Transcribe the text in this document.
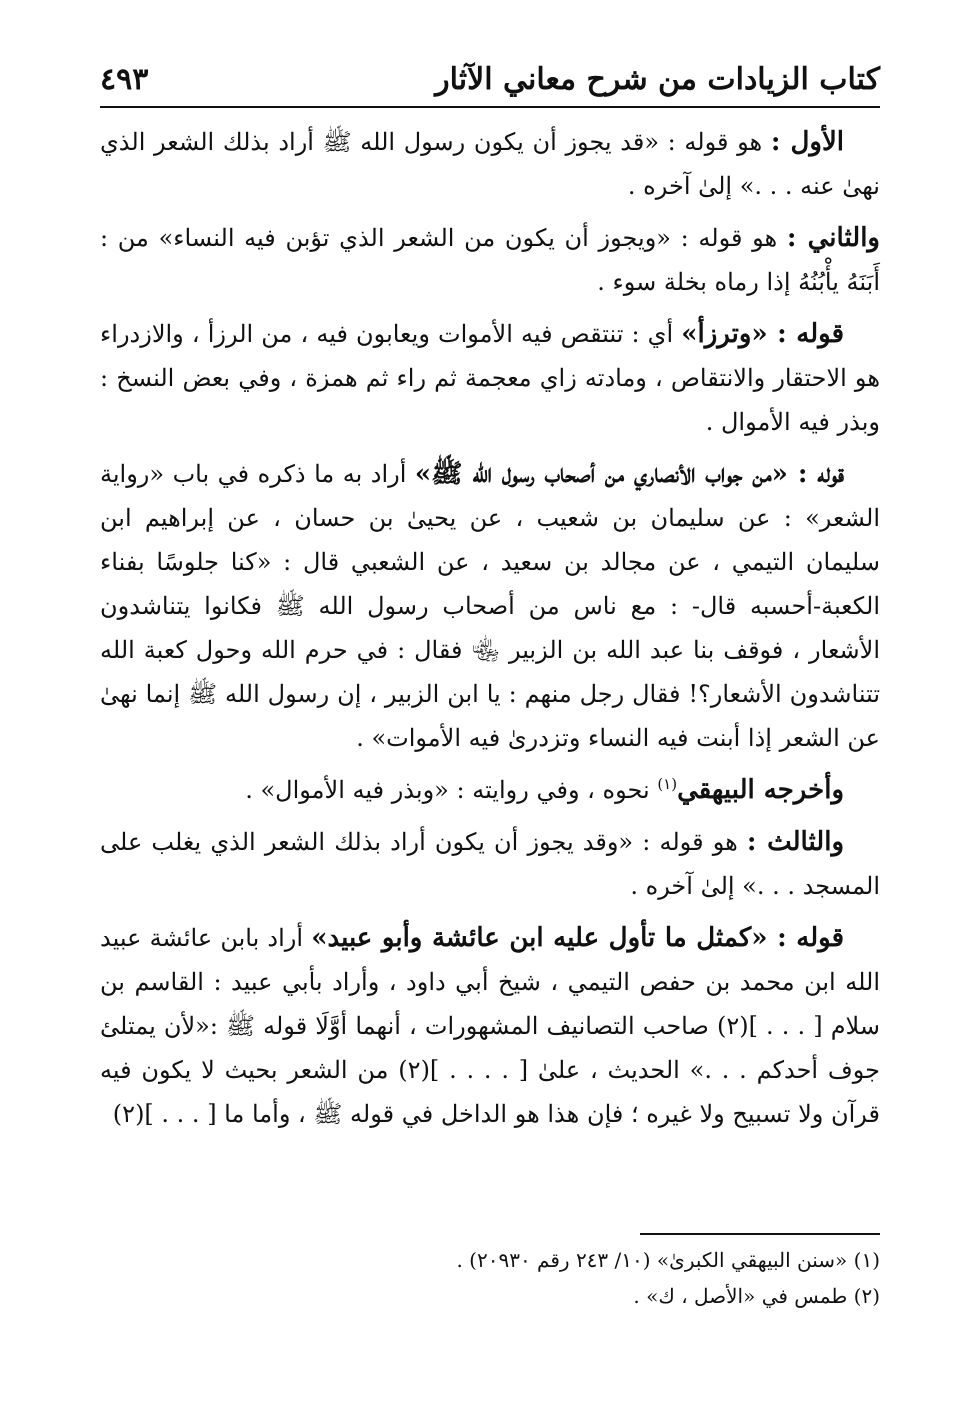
كتاب الزيادات من شرح معاني الآثار
٤٩٣

الأول : هو قوله : «قد يجوز أن يكون رسول الله ﷺ أراد بذلك الشعر الذي نهىٰ عنه . . .» إلىٰ آخره .

والثاني : هو قوله : «ويجوز أن يكون من الشعر الذي تؤبن فيه النساء» من : أَبَنَهُ يأْبُنُهُ إذا رماه بخلة سوء .

قوله : «وترزأ» أي : تنتقص فيه الأموات ويعابون فيه ، من الرزأ ، والازدراء هو الاحتقار والانتقاص ، ومادته زاي معجمة ثم راء ثم همزة ، وفي بعض النسخ : وبذر فيه الأموال .

قوله : «من جواب الأنصاري من أصحاب رسول الله ﷺ» أراد به ما ذكره في باب «رواية الشعر» : عن سليمان بن شعيب ، عن يحيىٰ بن حسان ، عن إبراهيم ابن سليمان التيمي ، عن مجالد بن سعيد ، عن الشعبي قال : «كنا جلوسًا بفناء الكعبة-أحسبه قال- : مع ناس من أصحاب رسول الله ﷺ فكانوا يتناشدون الأشعار ، فوقف بنا عبد الله بن الزبير ﵄ فقال : في حرم الله وحول كعبة الله تتناشدون الأشعار؟! فقال رجل منهم : يا ابن الزبير ، إن رسول الله ﷺ إنما نهىٰ عن الشعر إذا أبنت فيه النساء وتزدرىٰ فيه الأموات» .

وأخرجه البيهقي$^{(١)}$ نحوه ، وفي روايته : «وبذر فيه الأموال» .

والثالث : هو قوله : «وقد يجوز أن يكون أراد بذلك الشعر الذي يغلب على المسجد . . .» إلىٰ آخره .

قوله : «كمثل ما تأول عليه ابن عائشة وأبو عبيد» أراد بابن عائشة عبيد الله ابن محمد بن حفص التيمي ، شيخ أبي داود ، وأراد بأبي عبيد : القاسم بن سلام [ . . . ](٢) صاحب التصانيف المشهورات ، أنهما أوَّلَا قوله ﷺ :«لأن يمتلئ جوف أحدكم . . .» الحديث ، علىٰ [ . . . . ](٢) من الشعر بحيث لا يكون فيه قرآن ولا تسبيح ولا غيره ؛ فإن هذا هو الداخل في قوله ﷺ ، وأما ما [ . . . ](٢)

(١) «سنن البيهقي الكبرىٰ» (١٠/ ٢٤٣ رقم ٢٠٩٣٠) .

(٢) طمس في «الأصل ، ك» .
